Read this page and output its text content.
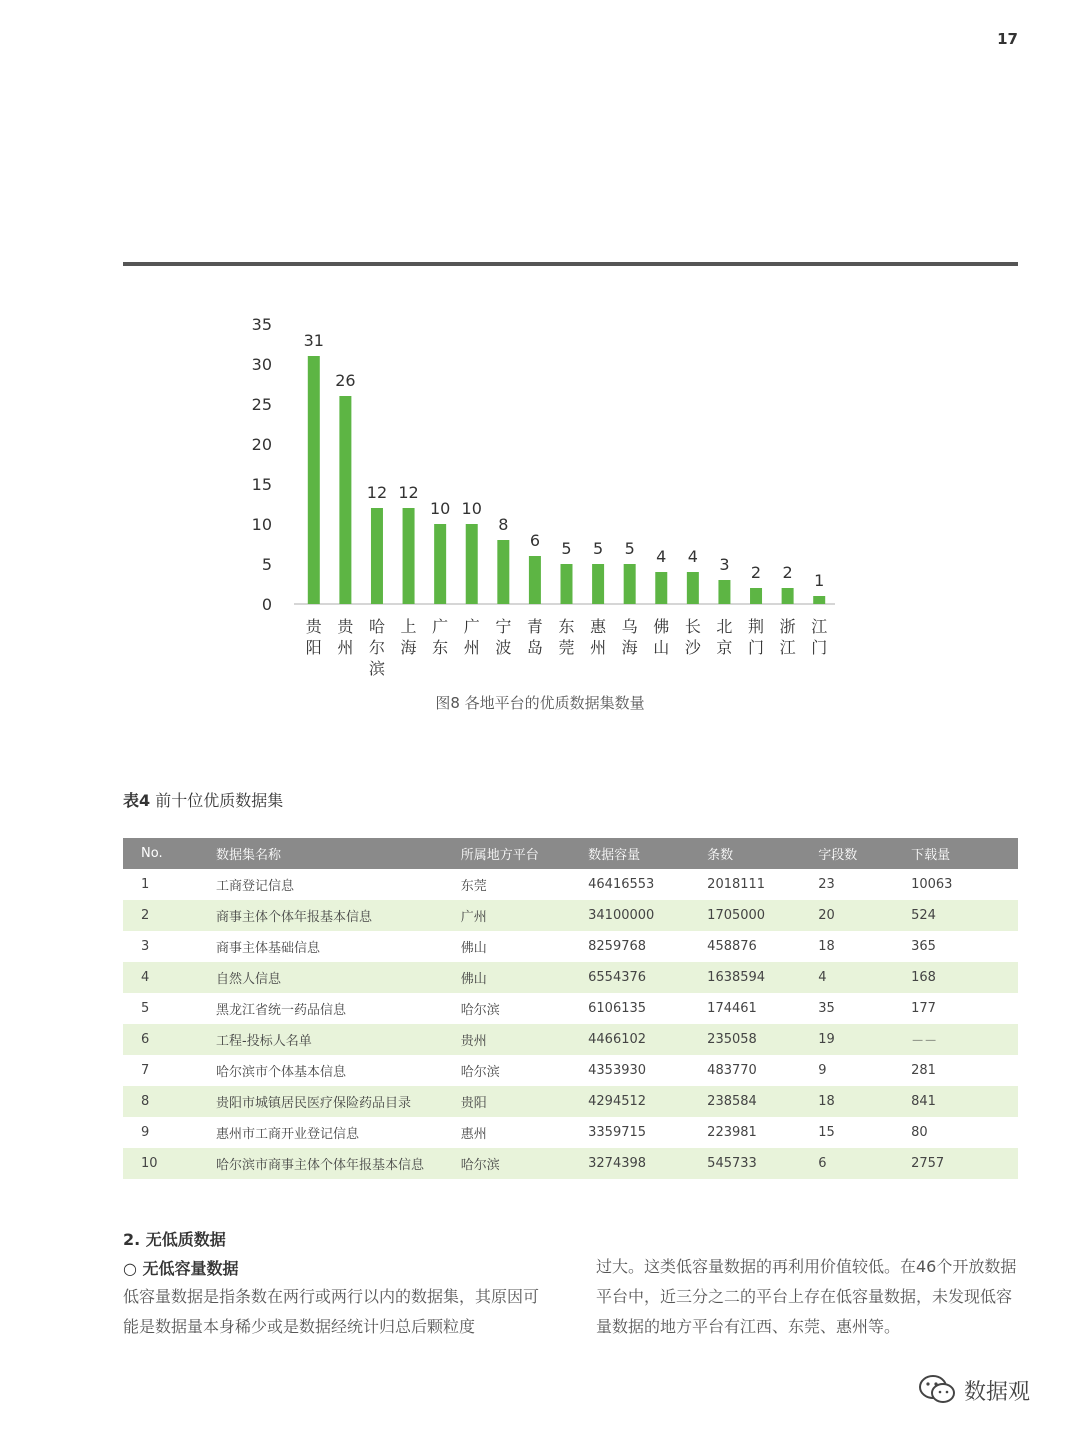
17
0
5
10
15
20
25
30
35
31
贵阳
26
贵州
12
哈尔滨
12
上海
10
广东
10
广州
8
宁波
6
青岛
5
东莞
5
惠州
5
乌海
4
佛山
4
长沙
3
北京
2
荆门
2
浙江
1
江门
图8 各地平台的优质数据集数量
表4 前十位优质数据集
No.	数据集名称	所属地方平台	数据容量	条数	字段数	下载量
1	工商登记信息	东莞	46416553	2018111	23	10063
2	商事主体个体年报基本信息	广州	34100000	1705000	20	524
3	商事主体基础信息	佛山	8259768	458876	18	365
4	自然人信息	佛山	6554376	1638594	4	168
5	黑龙江省统一药品信息	哈尔滨	6106135	174461	35	177
6	工程-投标人名单	贵州	4466102	235058	19	－－
7	哈尔滨市个体基本信息	哈尔滨	4353930	483770	9	281
8	贵阳市城镇居民医疗保险药品目录	贵阳	4294512	238584	18	841
9	惠州市工商开业登记信息	惠州	3359715	223981	15	80
10	哈尔滨市商事主体个体年报基本信息	哈尔滨	3274398	545733	6	2757
2. 无低质数据
○ 无低容量数据

低容量数据是指条数在两行或两行以内的数据集，其原因可能是数据量本身稀少或是数据经统计归总后颗粒度

过大。这类低容量数据的再利用价值较低。在46个开放数据平台中，近三分之二的平台上存在低容量数据，未发现低容量数据的地方平台有江西、东莞、惠州等。

数据观
